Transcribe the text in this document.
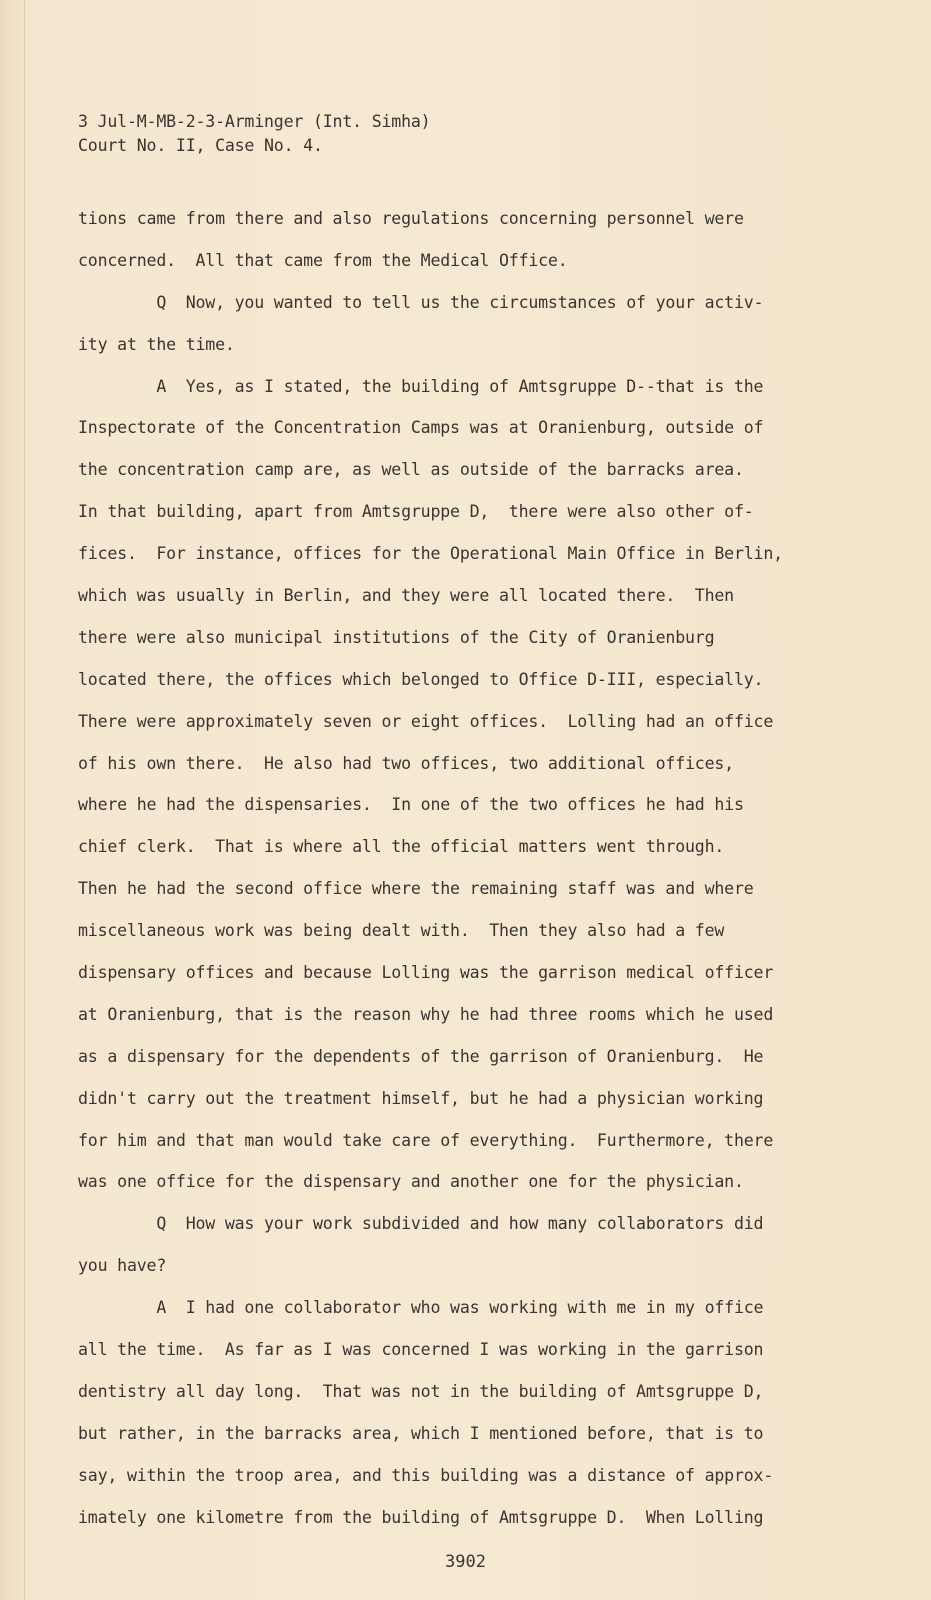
3 Jul-M-MB-2-3-Arminger (Int. Simha)
Court No. II, Case No. 4.
tions came from there and also regulations concerning personnel were
concerned.  All that came from the Medical Office.
Q  Now, you wanted to tell us the circumstances of your activ-
ity at the time.
A  Yes, as I stated, the building of Amtsgruppe D--that is the
Inspectorate of the Concentration Camps was at Oranienburg, outside of
the concentration camp are, as well as outside of the barracks area.
In that building, apart from Amtsgruppe D,  there were also other of-
fices.  For instance, offices for the Operational Main Office in Berlin,
which was usually in Berlin, and they were all located there.  Then
there were also municipal institutions of the City of Oranienburg
located there, the offices which belonged to Office D-III, especially.
There were approximately seven or eight offices.  Lolling had an office
of his own there.  He also had two offices, two additional offices,
where he had the dispensaries.  In one of the two offices he had his
chief clerk.  That is where all the official matters went through.
Then he had the second office where the remaining staff was and where
miscellaneous work was being dealt with.  Then they also had a few
dispensary offices and because Lolling was the garrison medical officer
at Oranienburg, that is the reason why he had three rooms which he used
as a dispensary for the dependents of the garrison of Oranienburg.  He
didn't carry out the treatment himself, but he had a physician working
for him and that man would take care of everything.  Furthermore, there
was one office for the dispensary and another one for the physician.
Q  How was your work subdivided and how many collaborators did
you have?
A  I had one collaborator who was working with me in my office
all the time.  As far as I was concerned I was working in the garrison
dentistry all day long.  That was not in the building of Amtsgruppe D,
but rather, in the barracks area, which I mentioned before, that is to
say, within the troop area, and this building was a distance of approx-
imately one kilometre from the building of Amtsgruppe D.  When Lolling
3902
